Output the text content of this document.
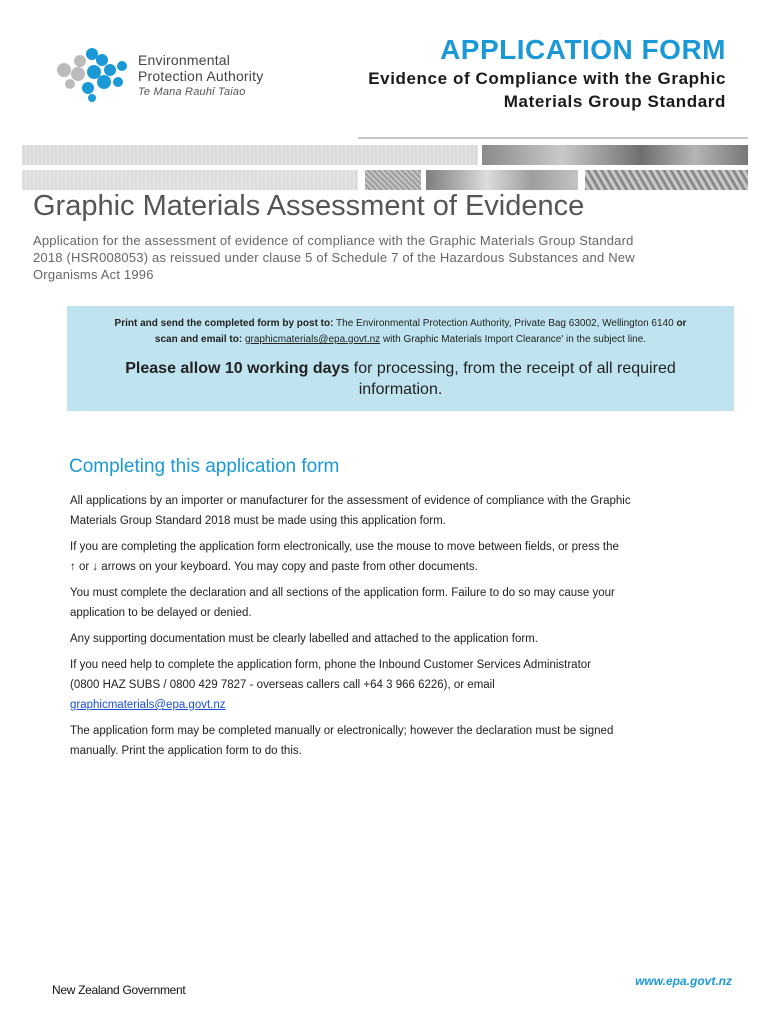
Environmental
Protection Authority
Te Mana Rauhī Taiao
APPLICATION FORM
Evidence of Compliance with the Graphic
Materials Group Standard
Graphic Materials Assessment of Evidence
Application for the assessment of evidence of compliance with the Graphic Materials Group Standard
2018 (HSR008053) as reissued under clause 5 of Schedule 7 of the Hazardous Substances and New
Organisms Act 1996
Print and send the completed form by post to: The Environmental Protection Authority, Private Bag 63002, Wellington 6140 or
scan and email to: graphicmaterials@epa.govt.nz with Graphic Materials Import Clearance' in the subject line.
Please allow 10 working days for processing, from the receipt of all required information.
Completing this application form

All applications by an importer or manufacturer for the assessment of evidence of compliance with the Graphic
Materials Group Standard 2018 must be made using this application form.

If you are completing the application form electronically, use the mouse to move between fields, or press the
↑ or ↓ arrows on your keyboard. You may copy and paste from other documents.

You must complete the declaration and all sections of the application form. Failure to do so may cause your
application to be delayed or denied.

Any supporting documentation must be clearly labelled and attached to the application form.

If you need help to complete the application form, phone the Inbound Customer Services Administrator
(0800 HAZ SUBS / 0800 429 7827 - overseas callers call +64 3 966 6226), or email
graphicmaterials@epa.govt.nz

The application form may be completed manually or electronically; however the declaration must be signed
manually. Print the application form to do this.

www.epa.govt.nz
New Zealand Government
